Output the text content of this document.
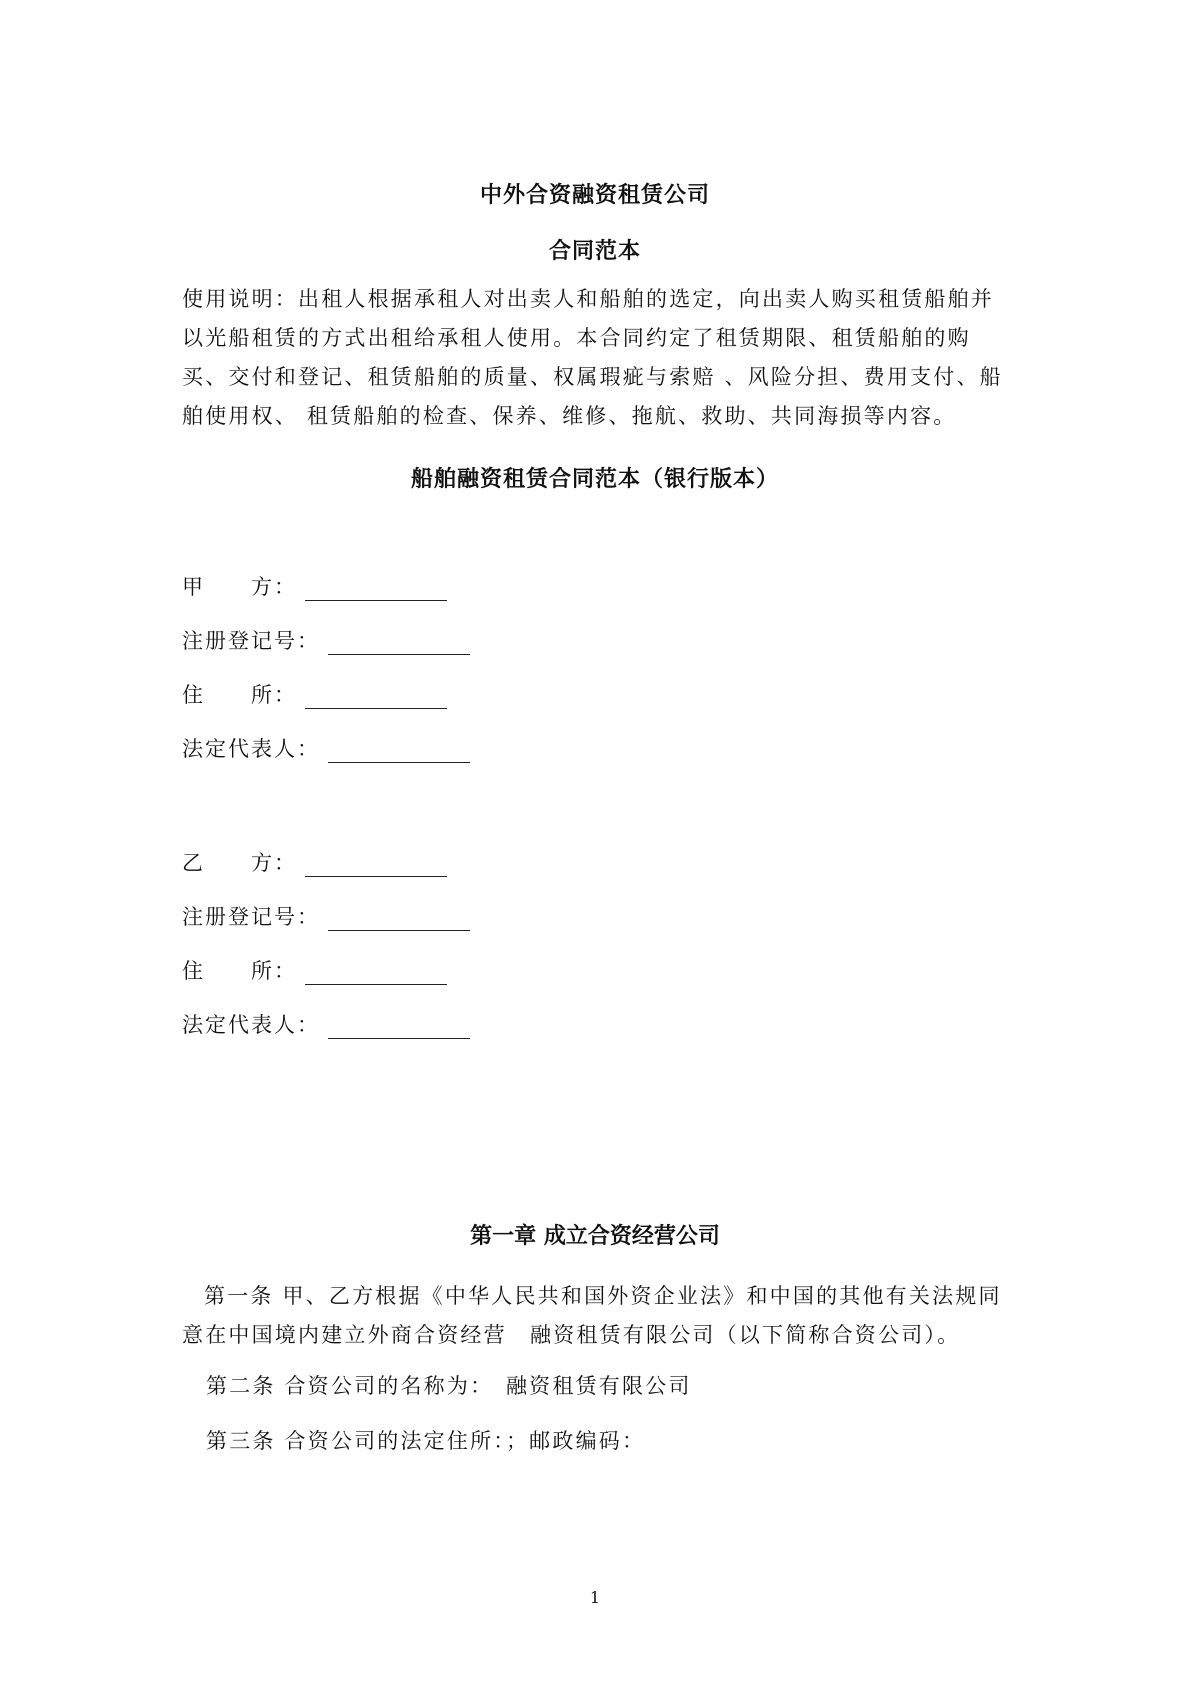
中外合资融资租赁公司
合同范本
使用说明：出租人根据承租人对出卖人和船舶的选定，向出卖人购买租赁船舶并以光船租赁的方式出租给承租人使用。本合同约定了租赁期限、租赁船舶的购买、交付和登记、租赁船舶的质量、权属瑕疵与索赔 、风险分担、费用支付、船舶使用权、 租赁船舶的检查、保养、维修、拖航、救助、共同海损等内容。
船舶融资租赁合同范本（银行版本）
甲　　方：
注册登记号：
住　　所：
法定代表人：
乙　　方：
注册登记号：
住　　所：
法定代表人：
第一章 成立合资经营公司
第一条 甲、乙方根据《中华人民共和国外资企业法》和中国的其他有关法规同意在中国境内建立外商合资经营　融资租赁有限公司（以下简称合资公司）。
第二条 合资公司的名称为：　融资租赁有限公司
第三条 合资公司的法定住所：；邮政编码：
1
